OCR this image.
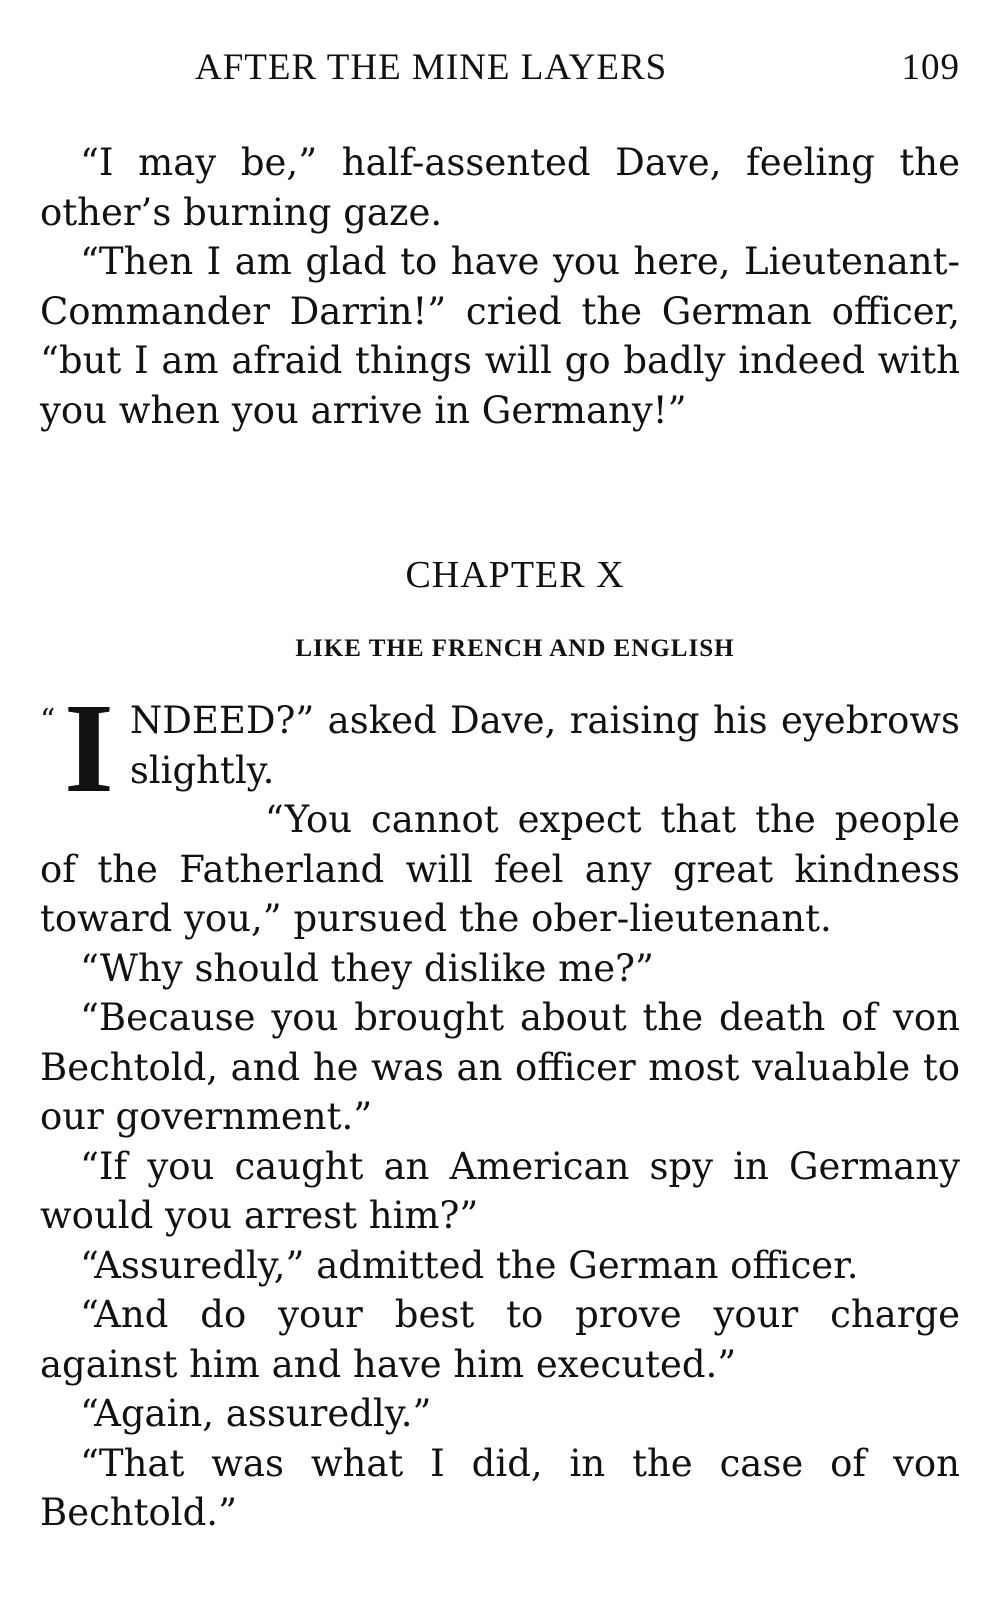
AFTER THE MINE LAYERS	109

“I may be,” half-assented Dave, feeling the other’s burning gaze.

“Then I am glad to have you here, Lieutenant-Commander Darrin!” cried the German officer, “but I am afraid things will go badly indeed with you when you arrive in Germany!”

CHAPTER X
LIKE THE FRENCH AND ENGLISH
“ I NDEED?” asked Dave, raising his eyebrows slightly.

“You cannot expect that the people of the Fatherland will feel any great kindness toward you,” pursued the ober-lieutenant.

“Why should they dislike me?”

“Because you brought about the death of von Bechtold, and he was an officer most valuable to our government.”

“If you caught an American spy in Germany would you arrest him?”

“Assuredly,” admitted the German officer.

“And do your best to prove your charge against him and have him executed.”

“Again, assuredly.”

“That was what I did, in the case of von Bechtold.”
